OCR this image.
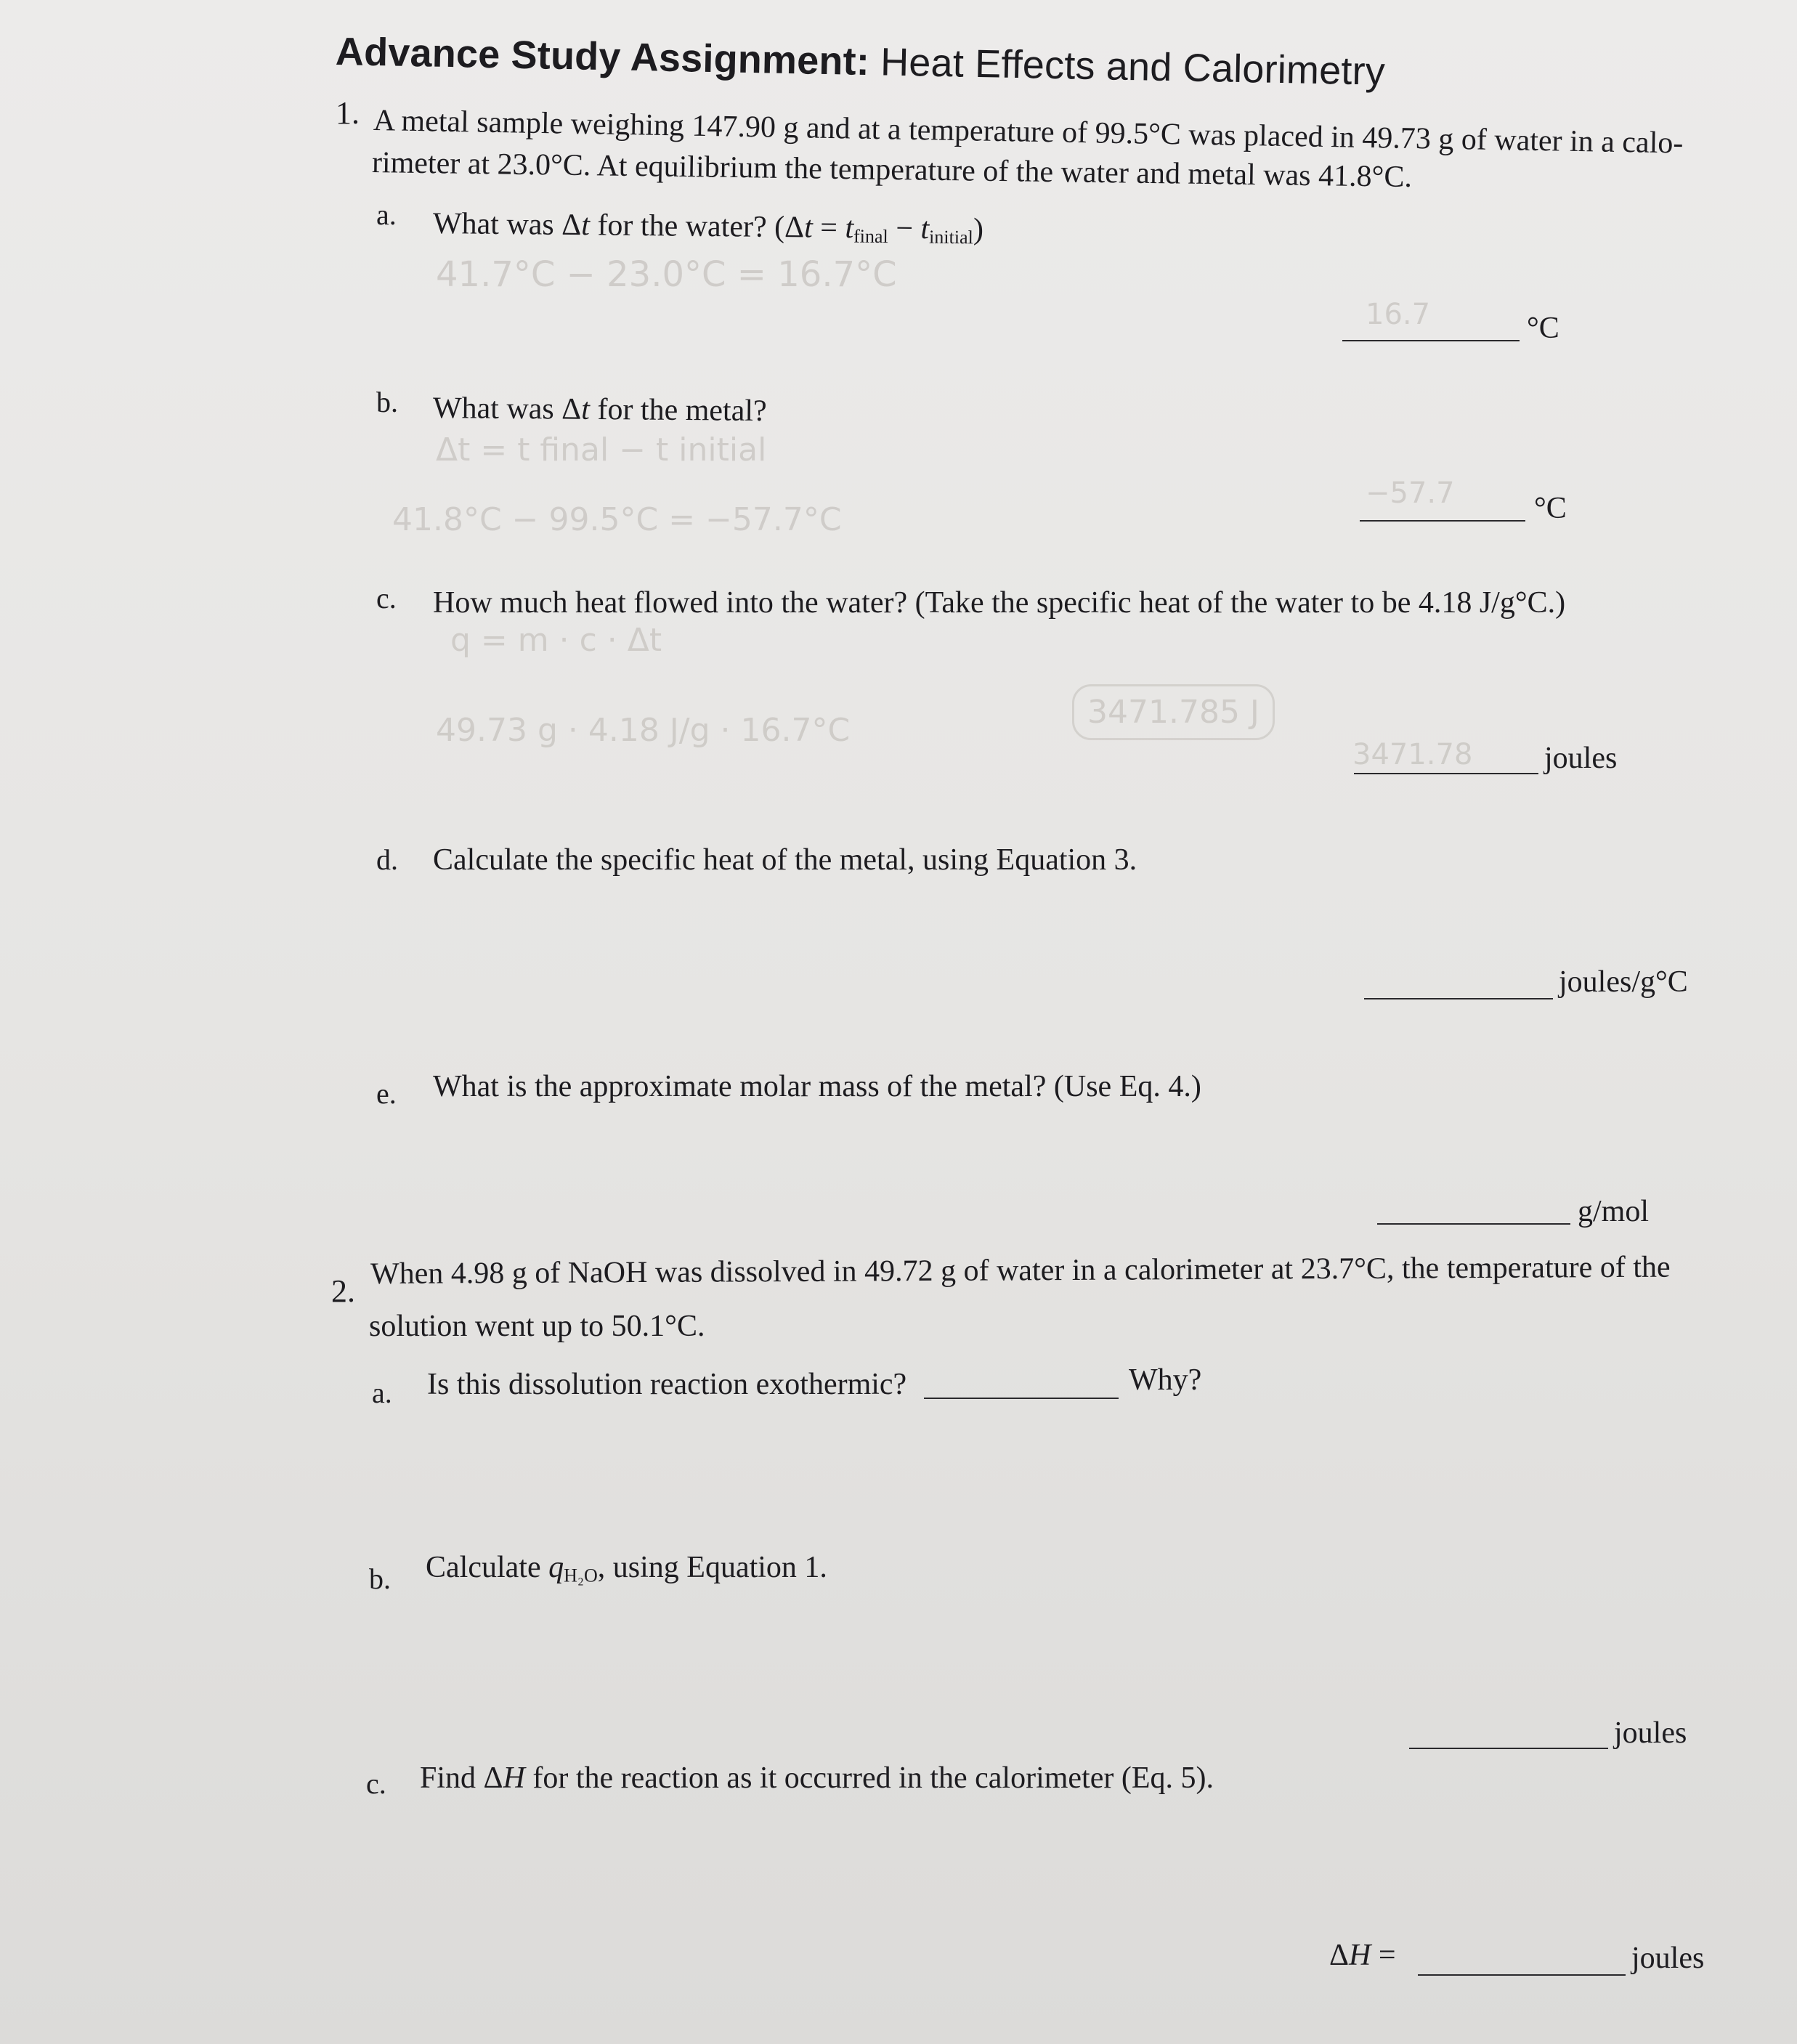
Advance Study Assignment: Heat Effects and Calorimetry
1. A metal sample weighing 147.90 g and at a temperature of 99.5°C was placed in 49.73 g of water in a calo-
rimeter at 23.0°C. At equilibrium the temperature of the water and metal was 41.8°C.
a. What was Δt for the water? $(\Delta t = t_{final} - t_{initial})$
41.7°C − 23.0°C = 16.7°C
16.7	°C
b. What was Δt for the metal?
Δt = t final − t initial
41.8°C − 99.5°C = −57.7°C
−57.7	°C
c. How much heat flowed into the water? (Take the specific heat of the water to be 4.18 J/g°C.)
q = m · c · Δt
49.73 g · 4.18 J/g · 16.7°C	3471.785 J
3471.78 joules
d. Calculate the specific heat of the metal, using Equation 3.
joules/g°C
e. What is the approximate molar mass of the metal? (Use Eq. 4.)
g/mol
2.
When 4.98 g of NaOH was dissolved in 49.72 g of water in a calorimeter at 23.7°C, the temperature of the
solution went up to 50.1°C.
a. Is this dissolution reaction exothermic?	Why?
b. Calculate $q_{H_2O}$, using Equation 1.
joules
c. Find ΔH for the reaction as it occurred in the calorimeter (Eq. 5).
ΔH =	joules
